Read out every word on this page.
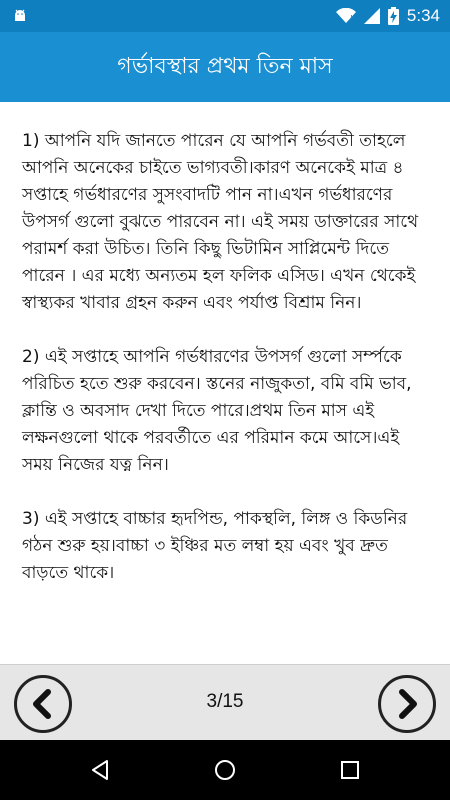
!	5:34
গর্ভাবস্থার প্রথম তিন মাস

1) আপনি যদি জানতে পারেন যে আপনি গর্ভবতী তাহলে আপনি অনেকের চাইতে ভাগ্যবতী।কারণ অনেকেই মাত্র ৪ সপ্তাহে গর্ভধারণের সুসংবাদটি পান না।এখন গর্ভধারণের উপসর্গ গুলো বুঝতে পারবেন না। এই সময় ডাক্তারের সাথে পরামর্শ করা উচিত। তিনি কিছু ভিটামিন সাপ্লিমেন্ট দিতে পারেন । এর মধ্যে অন্যতম হল ফলিক এসিড। এখন থেকেই স্বাস্থ্যকর খাবার গ্রহন করুন এবং পর্যাপ্ত বিশ্রাম নিন।

2) এই সপ্তাহে আপনি গর্ভধারণের উপসর্গ গুলো সর্ম্পকে পরিচিত হতে শুরু করবেন। স্তনের নাজুকতা, বমি বমি ভাব, ক্লান্তি ও অবসাদ দেখা দিতে পারে।প্রথম তিন মাস এই লক্ষনগুলো থাকে পরবর্তীতে এর পরিমান কমে আসে।এই সময় নিজের যত্ন নিন।

3) এই সপ্তাহে বাচ্চার হৃদপিন্ড, পাকস্থলি, লিঙ্গ ও কিডনির গঠন শুরু হয়।বাচ্চা ৩ ইঞ্চির মত লম্বা হয় এবং খুব দ্রুত বাড়তে থাকে।

3/15
